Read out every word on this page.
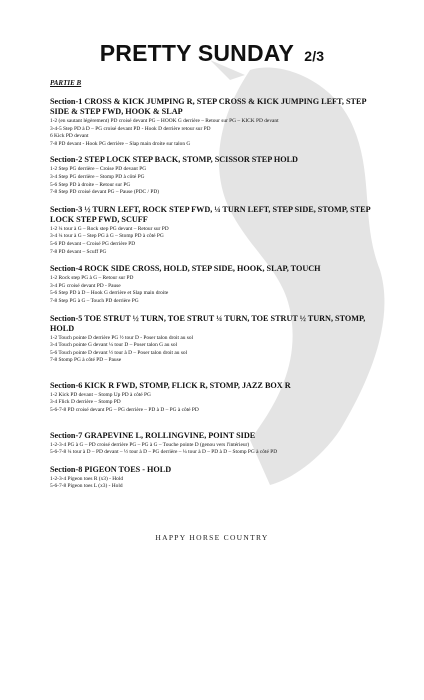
PRETTY SUNDAY 2/3
PARTIE B
Section-1 CROSS & KICK JUMPING R, STEP CROSS & KICK JUMPING LEFT, STEP SIDE & STEP FWD, HOOK & SLAP
1-2 (en sautant légèrement) PD croisé devant PG – HOOK G derrière – Retour sur PG – KICK PD devant
3-4-5 Step PD à D – PG croisé devant PD - Hook D derrière retour sur PD
6 Kick PD devant
7-8 PD devant - Hook PG derrière – Slap main droite sur talon G
Section-2 STEP LOCK STEP BACK, STOMP, SCISSOR STEP HOLD
1-2 Step PG derrière – Croise PD devant PG
3-4 Step PG derrière – Stomp PD à côté PG
5-6 Step PD à droite – Retour sur PG
7-8 Step PD croisé devant PG – Pause (PDC / PD)
Section-3 ½ TURN LEFT, ROCK STEP FWD, ¼ TURN LEFT, STEP SIDE, STOMP, STEP LOCK STEP FWD, SCUFF
1-2 ¼ tour à G – Rock step PG devant – Retour sur PD
3-4 ¼ tour à G – Step PG à G – Stomp PD à côté PG
5-6 PD devant – Croisé PG derrière PD
7-8 PD devant – Scuff PG
Section-4 ROCK SIDE CROSS, HOLD, STEP SIDE, HOOK, SLAP, TOUCH
1-2 Rock step PG à G – Retour sur PD
3-4 PG croisé devant PD - Pause
5-6 Step PD à D – Hook G derrière et Slap main droite
7-8 Step PG à G – Touch PD derrière PG
Section-5 TOE STRUT ½ TURN, TOE STRUT ¼ TURN, TOE STRUT ½ TURN, STOMP, HOLD
1-2 Touch pointe D derrière PG ½ tour D - Poser talon droit au sol
3-4 Touch pointe G devant ¼ tour D – Poser talon G au sol
5-6 Touch pointe D devant ½ tour à D – Poser talon droit au sol
7-8 Stomp PG à côté PD – Pause
Section-6 KICK R FWD, STOMP, FLICK R, STOMP, JAZZ BOX R
1-2 Kick PD devant – Stomp Up PD à côté PG
3-4 Flick D derrière – Stomp PD
5-6-7-8 PD croisé devant PG – PG derrière – PD à D – PG à côté PD
Section-7 GRAPEVINE L, ROLLINGVINE, POINT SIDE
1-2-3-4 PG à G – PD croisé derrière PG – PG à G – Touche pointe D (genou vers l'intérieur)
5-6-7-8 ¼ tour à D – PD devant – ½ tour à D – PG derrière – ¼ tour à D – PD à D – Stomp PG à côté PD
Section-8 PIGEON TOES - HOLD
1-2-3-4 Pigeon toes R (x3) - Hold
5-6-7-8 Pigeon toes L (x3) - Hold
HAPPY HORSE COUNTRY
